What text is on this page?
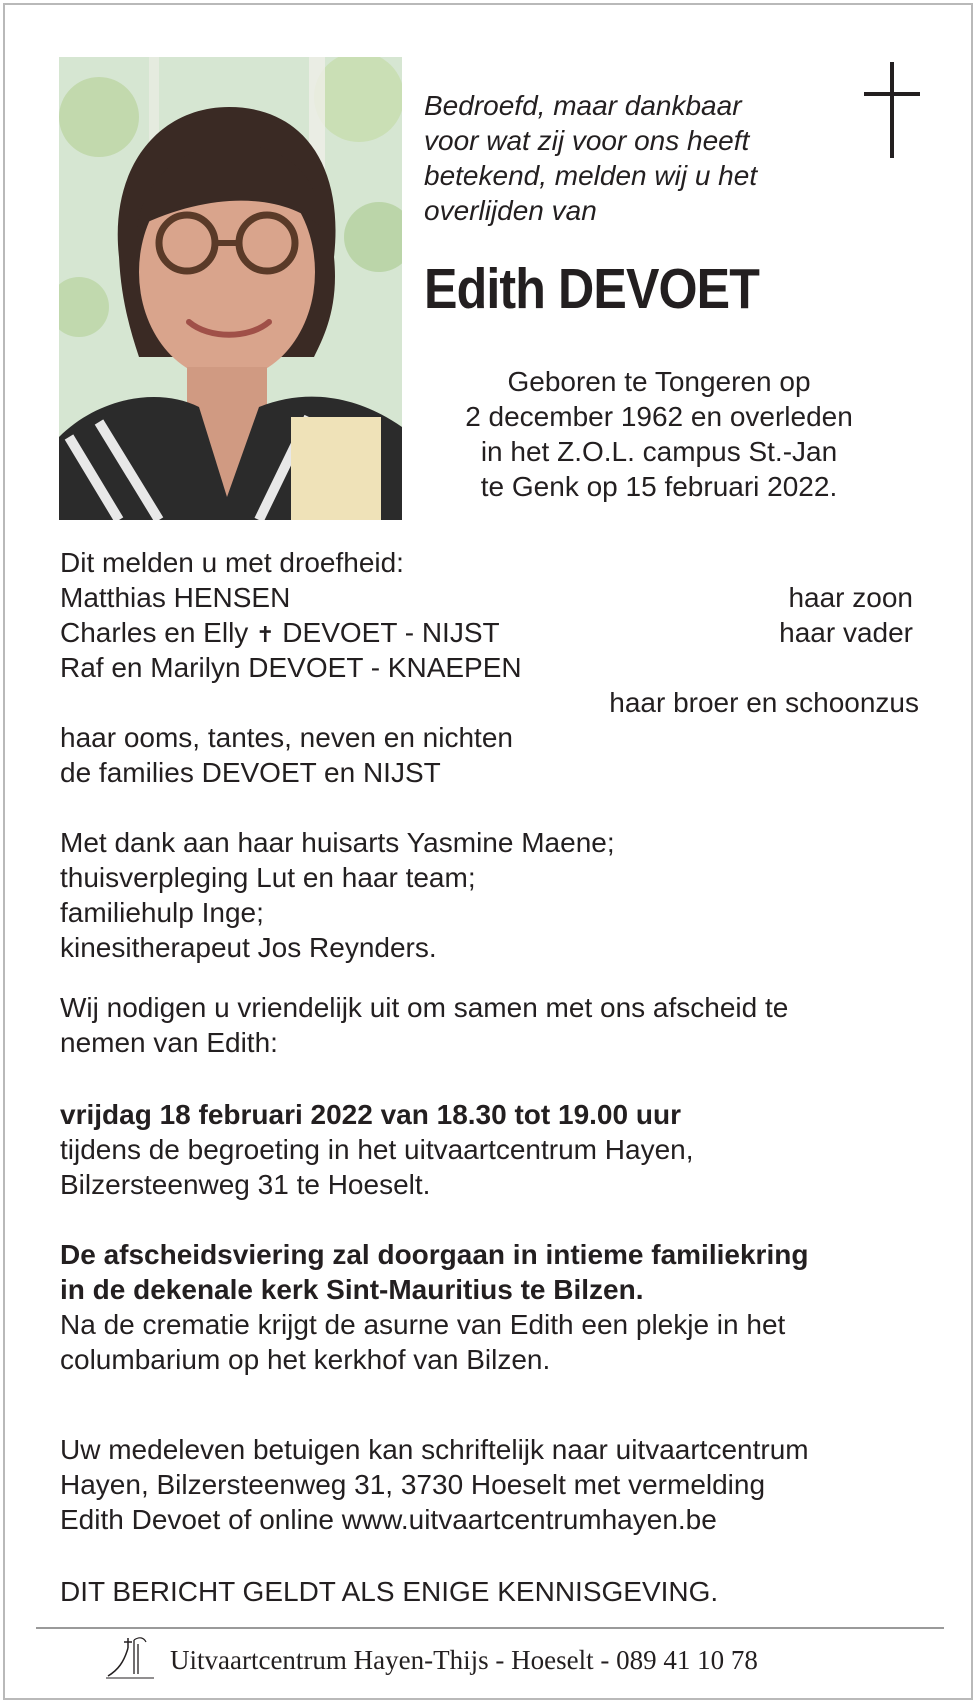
Bedroefd, maar dankbaar
voor wat zij voor ons heeft
betekend, melden wij u het
overlijden van
Edith DEVOET
Geboren te Tongeren op
2 december 1962 en overleden
in het Z.O.L. campus St.-Jan
te Genk op 15 februari 2022.
Dit melden u met droefheid:
Matthias HENSEN	haar zoon
Charles en Elly ✝ DEVOET - NIJST	haar vader
Raf en Marilyn DEVOET - KNAEPEN
haar broer en schoonzus
haar ooms, tantes, neven en nichten
de families DEVOET en NIJST
Met dank aan haar huisarts Yasmine Maene;
thuisverpleging Lut en haar team;
familiehulp Inge;
kinesitherapeut Jos Reynders.
Wij nodigen u vriendelijk uit om samen met ons afscheid te
nemen van Edith:
vrijdag 18 februari 2022 van 18.30 tot 19.00 uur
tijdens de begroeting in het uitvaartcentrum Hayen,
Bilzersteenweg 31 te Hoeselt.
De afscheidsviering zal doorgaan in intieme familiekring
in de dekenale kerk Sint-Mauritius te Bilzen.
Na de crematie krijgt de asurne van Edith een plekje in het
columbarium op het kerkhof van Bilzen.
Uw medeleven betuigen kan schriftelijk naar uitvaartcentrum
Hayen, Bilzersteenweg 31, 3730 Hoeselt met vermelding
Edith Devoet of online www.uitvaartcentrumhayen.be
DIT BERICHT GELDT ALS ENIGE KENNISGEVING.
Uitvaartcentrum Hayen-Thijs - Hoeselt - 089 41 10 78
